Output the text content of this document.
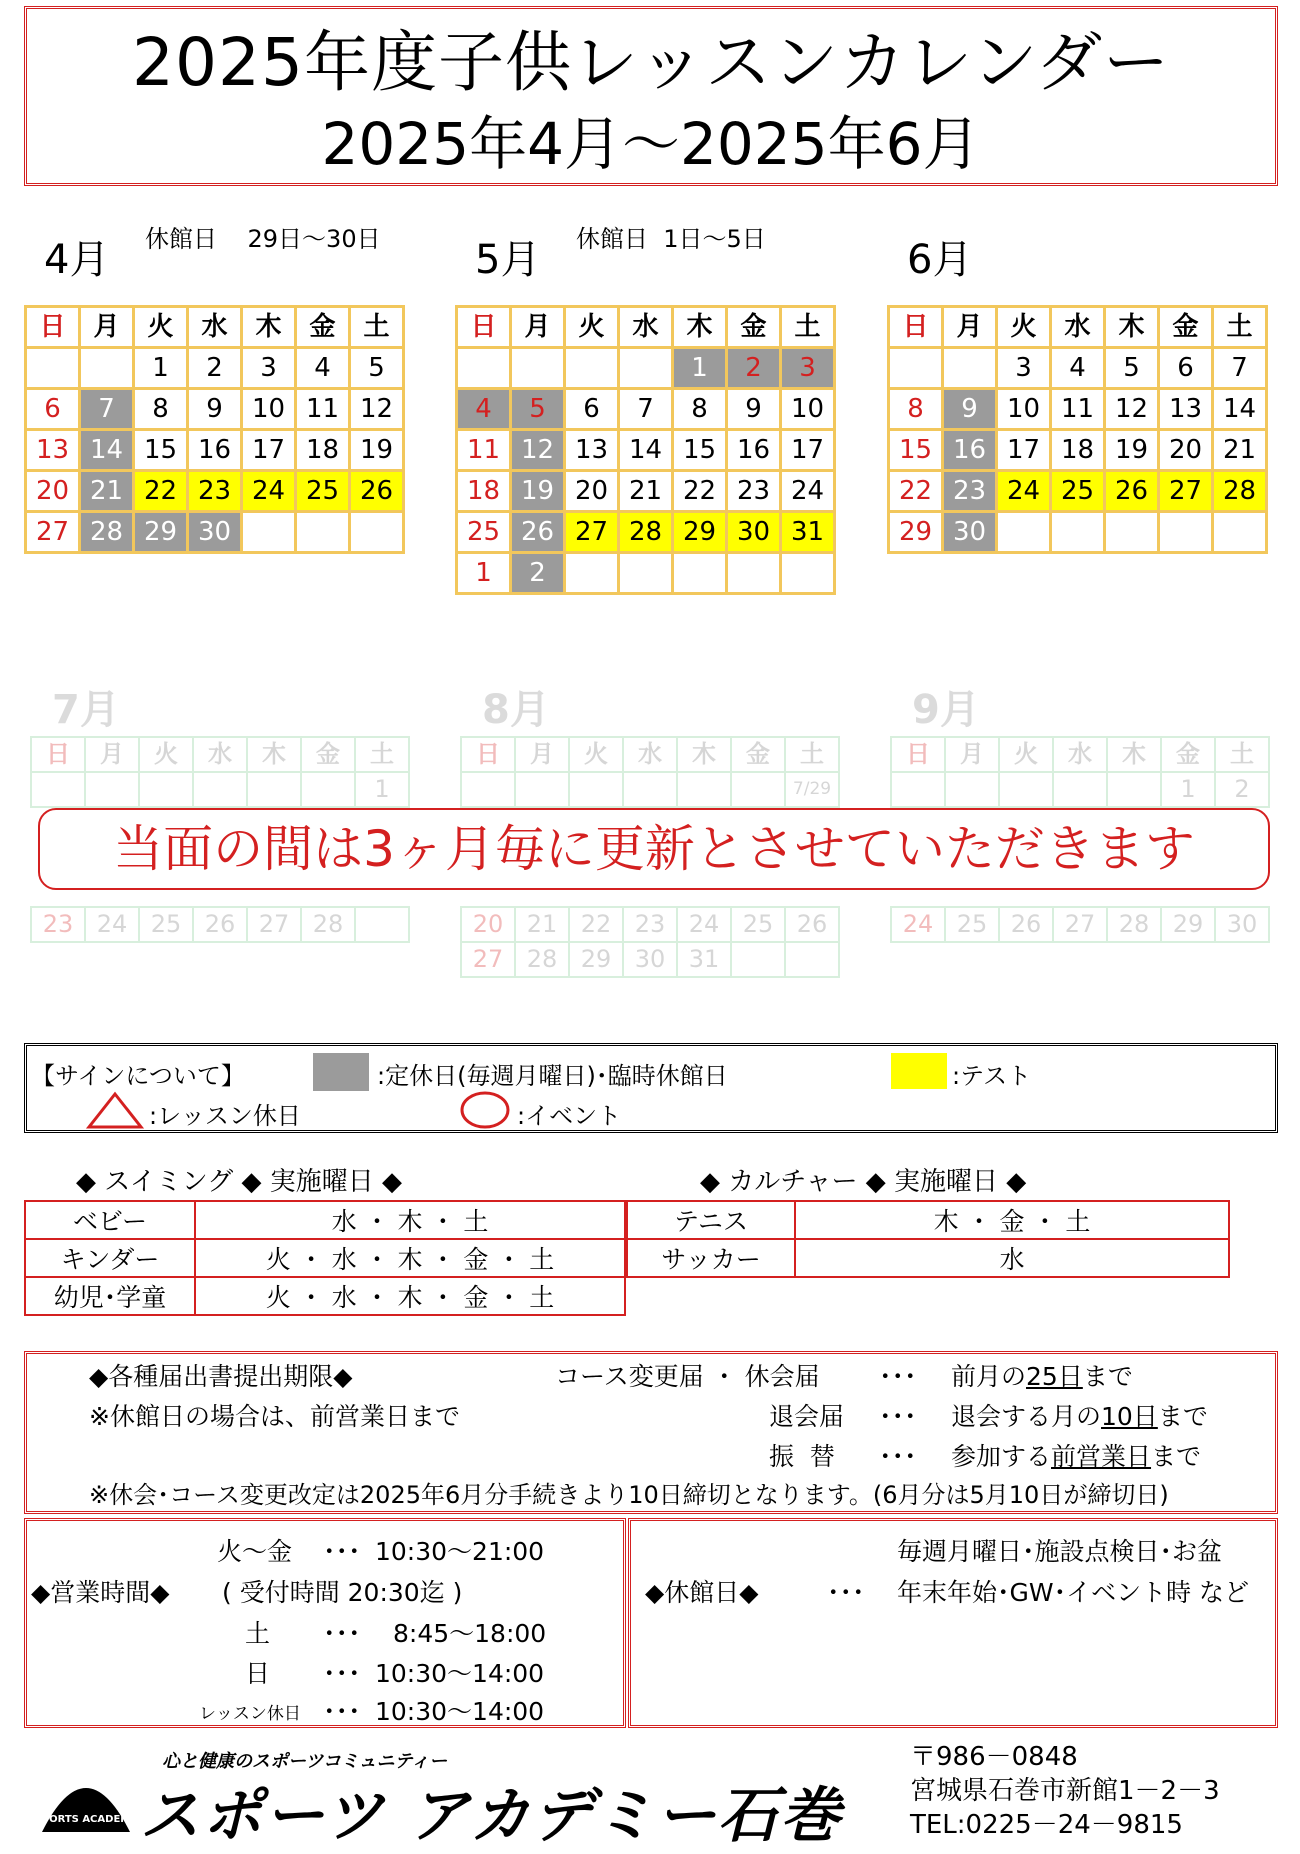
2025年度子供レッスンカレンダー
2025年4月～2025年6月
4月 休館日 29日～30日 5月 休館日 1日～5日	6月
日	月	火	水	木	金	土
		1	2	3	4	5
6	7	8	9	10	11	12
13	14	15	16	17	18	19
20	21	22	23	24	25	26
27	28	29	30			
日	月	火	水	木	金	土
				1	2	3
4	5	6	7	8	9	10
11	12	13	14	15	16	17
18	19	20	21	22	23	24
25	26	27	28	29	30	31
1	2					
日	月	火	水	木	金	土
		3	4	5	6	7
8	9	10	11	12	13	14
15	16	17	18	19	20	21
22	23	24	25	26	27	28
29	30					
7月	8月	9月
日	月	火	水	木	金	土
						1

23	24	25	26	27	28	
日	月	火	水	木	金	土
						7/29

20	21	22	23	24	25	26
27	28	29	30	31		
日	月	火	水	木	金	土
					1	2

24	25	26	27	28	29	30
当面の間は3ヶ月毎に更新とさせていただきます
【サインについて】	:定休日(毎週月曜日)･臨時休館日	:テスト
:レッスン休日	:イベント
◆ スイミング ◆ 実施曜日 ◆	◆ カルチャー ◆ 実施曜日 ◆
ベビー	水 ・ 木 ・ 土
キンダー	火 ・ 水 ・ 木 ・ 金 ・ 土
幼児･学童	火 ・ 水 ・ 木 ・ 金 ・ 土
テニス	木 ・ 金 ・ 土
サッカー	水
◆各種届出書提出期限◆
※休館日の場合は、前営業日まで
コース変更届 ・ 休会届 ･･･ 前月の25日まで
退会届 ･･･ 退会する月の10日まで
振  替 ･･･ 参加する前営業日まで
※休会･コース変更改定は2025年6月分手続きより10日締切となります。(6月分は5月10日が締切日)
◆営業時間◆
火～金 ･･･ 10:30～21:00
( 受付時間 20:30迄 )
土 ･･･ 8:45～18:00
日 ･･･ 10:30～14:00
レッスン休日 ･･･ 10:30～14:00
◆休館日◆	･･･
毎週月曜日･施設点検日･お盆
年末年始･GW･イベント時 など
SPORTS ACADEMY
心と健康のスポーツコミュニティー
スポーツ アカデミー石巻
〒986－0848
宮城県石巻市新館1－2－3
TEL:0225－24－9815
